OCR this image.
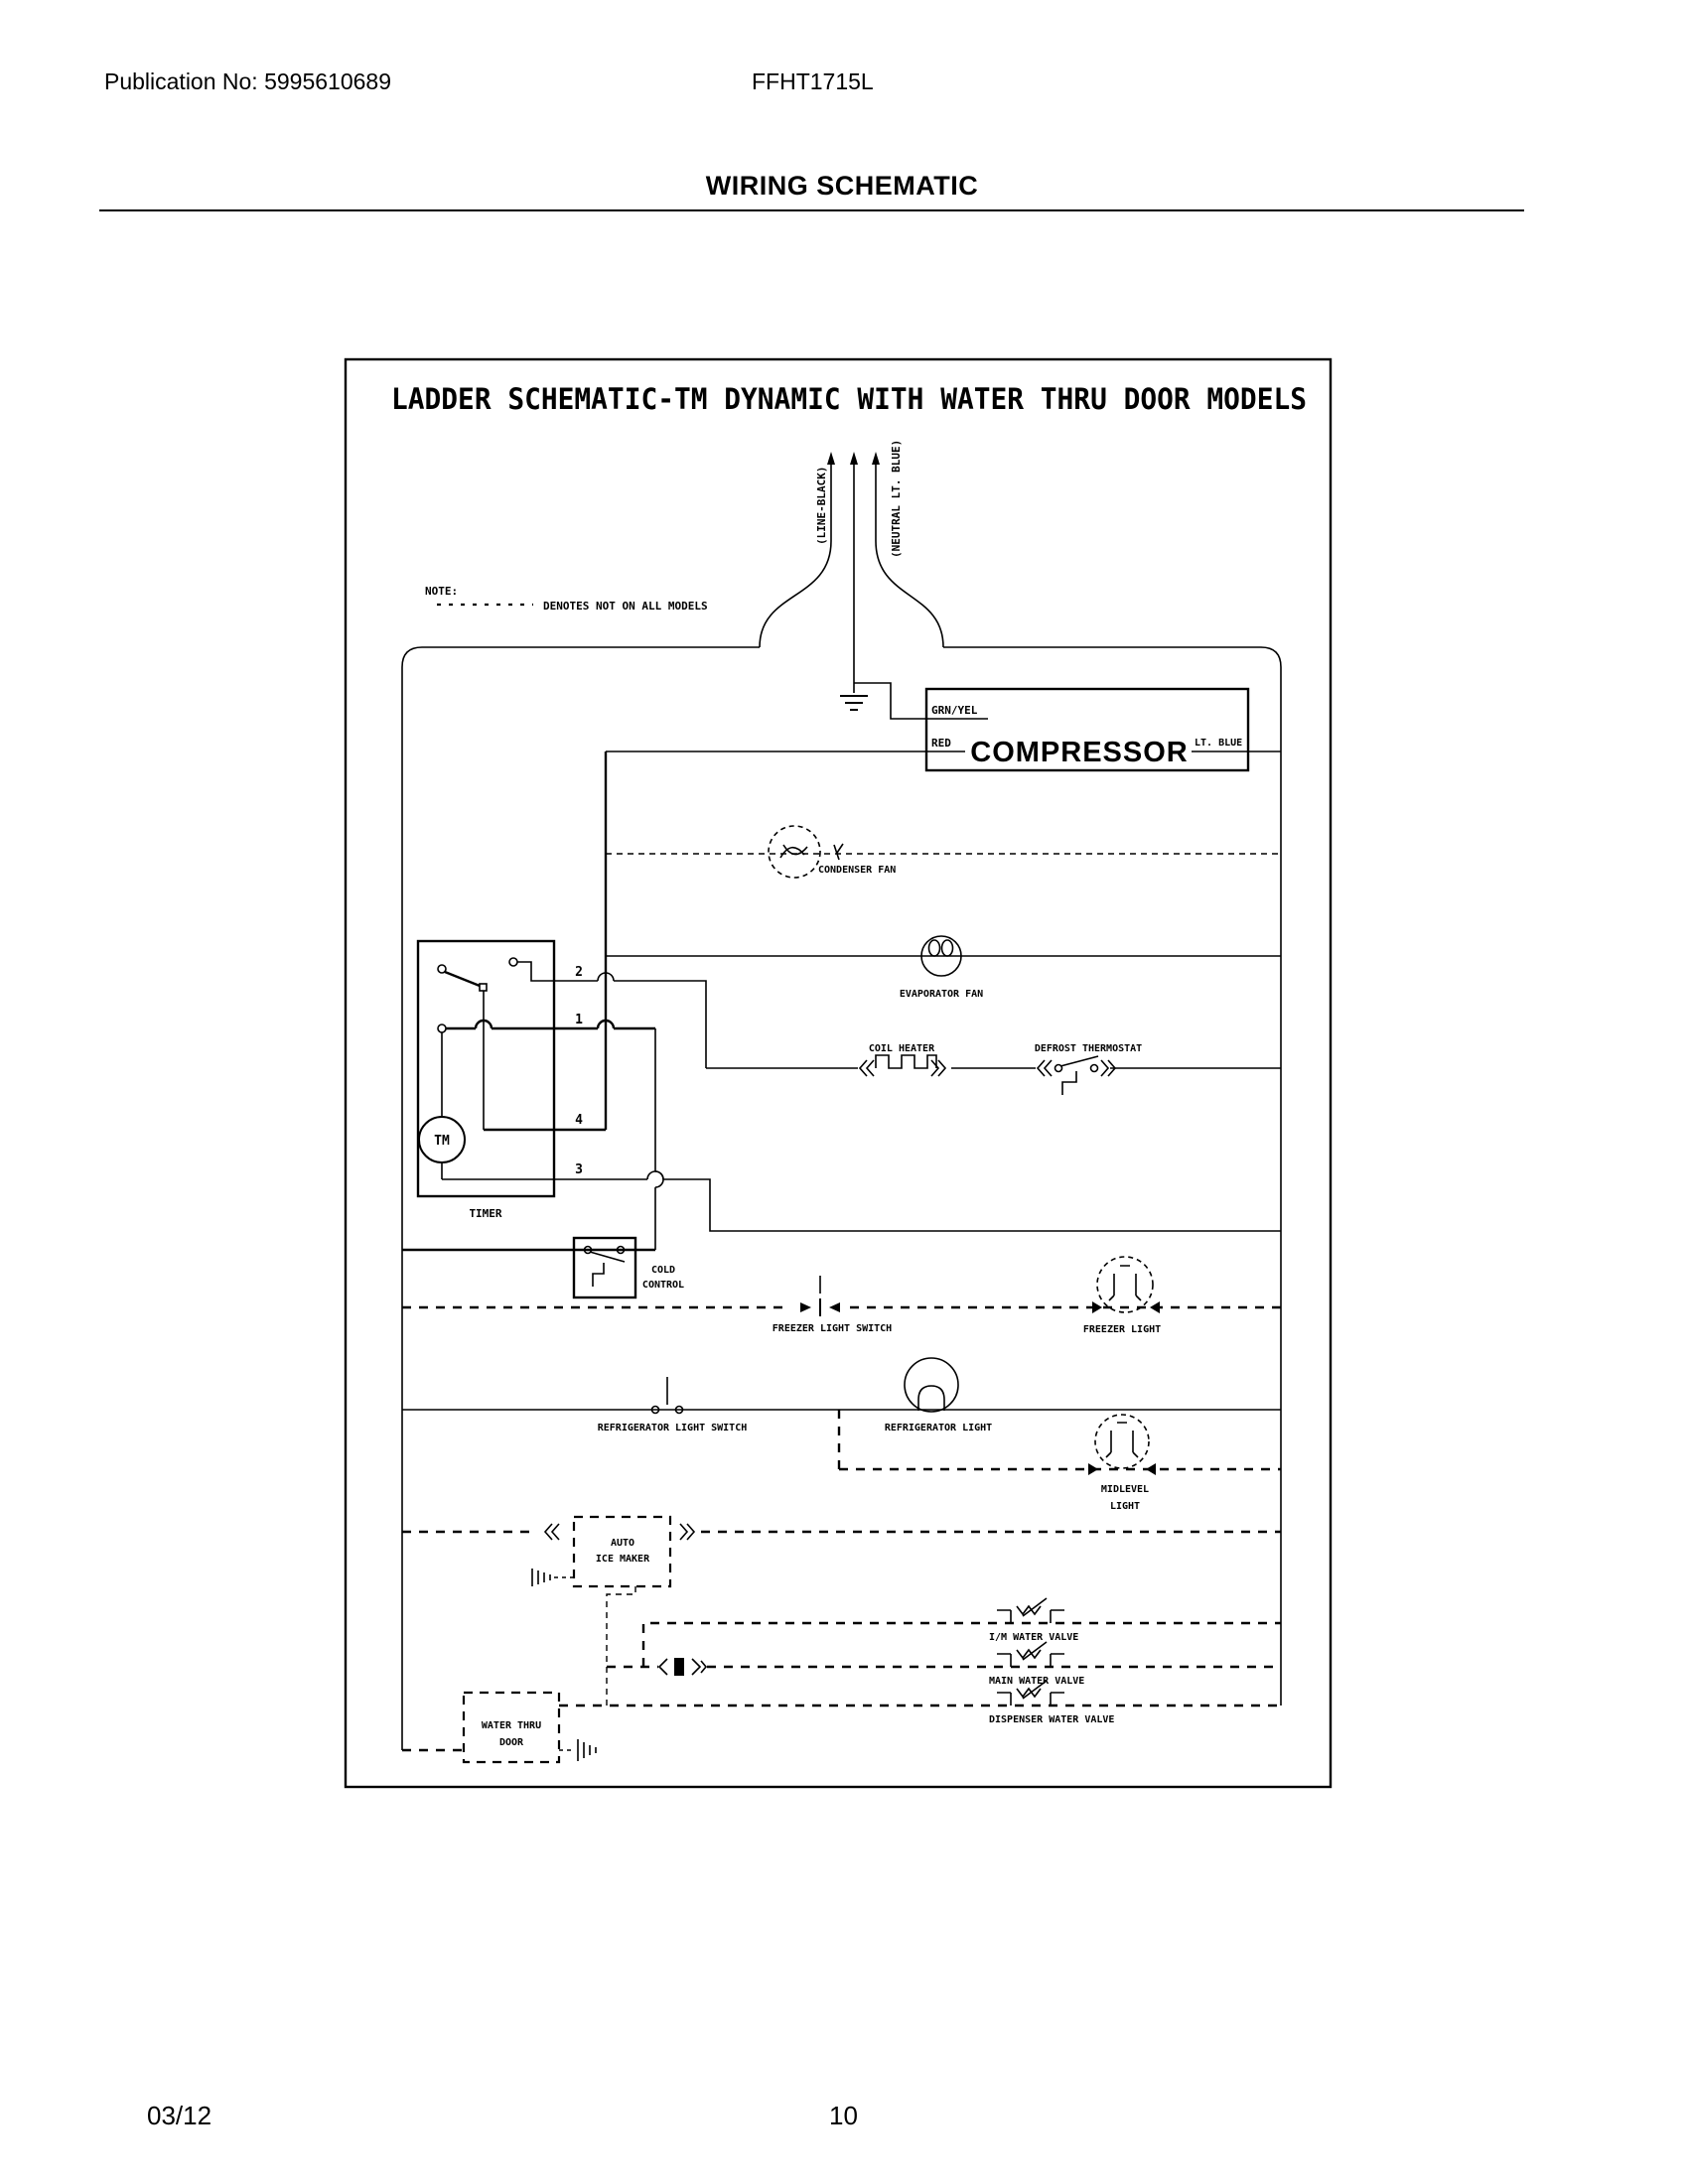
Publication No: 5995610689	FFHT1715L
WIRING SCHEMATIC
LADDER SCHEMATIC-TM DYNAMIC WITH WATER THRU DOOR MODELS
NOTE:
DENOTES NOT ON ALL MODELS
(LINE-BLACK)	(NEUTRAL LT. BLUE)
GRN/YEL
RED	LT. BLUE
COMPRESSOR
CONDENSER FAN
EVAPORATOR FAN
TIMER
TM
2
1
4
3
COIL HEATER	DEFROST THERMOSTAT
COLD
CONTROL
FREEZER LIGHT SWITCH	FREEZER LIGHT
REFRIGERATOR LIGHT SWITCH	REFRIGERATOR LIGHT
MIDLEVEL
LIGHT
AUTO
ICE MAKER
I/M WATER VALVE
MAIN WATER VALVE
DISPENSER WATER VALVE
WATER THRU
DOOR
03/12	10
